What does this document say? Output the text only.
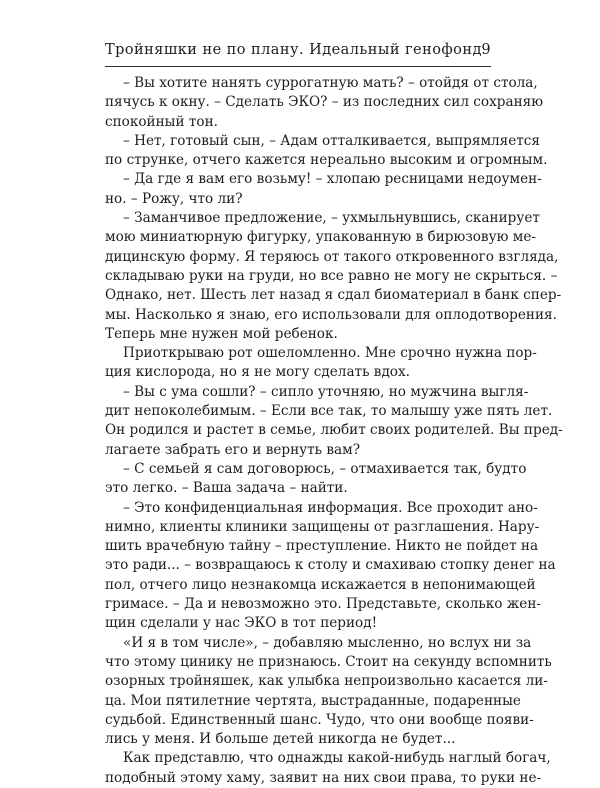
Тройняшки не по плану. Идеальный генофонд 9
– Вы хотите нанять суррогатную мать? – отойдя от стола,
пячусь к окну. – Сделать ЭКО? – из последних сил сохраняю
спокойный тон.
– Нет, готовый сын, – Адам отталкивается, выпрямляется
по струнке, отчего кажется нереально высоким и огромным.
– Да где я вам его возьму! – хлопаю ресницами недоумен-
но. – Рожу, что ли?
– Заманчивое предложение, – ухмыльнувшись, сканирует
мою миниатюрную фигурку, упакованную в бирюзовую ме-
дицинскую форму. Я теряюсь от такого откровенного взгляда,
складываю руки на груди, но все равно не могу не скрыться. –
Однако, нет. Шесть лет назад я сдал биоматериал в банк спер-
мы. Насколько я знаю, его использовали для оплодотворения.
Теперь мне нужен мой ребенок.
Приоткрываю рот ошеломленно. Мне срочно нужна пор-
ция кислорода, но я не могу сделать вдох.
– Вы с ума сошли? – сипло уточняю, но мужчина выгля-
дит непоколебимым. – Если все так, то малышу уже пять лет.
Он родился и растет в семье, любит своих родителей. Вы пред-
лагаете забрать его и вернуть вам?
– С семьей я сам договорюсь, – отмахивается так, будто
это легко. – Ваша задача – найти.
– Это конфиденциальная информация. Все проходит ано-
нимно, клиенты клиники защищены от разглашения. Нару-
шить врачебную тайну – преступление. Никто не пойдет на
это ради... – возвращаюсь к столу и смахиваю стопку денег на
пол, отчего лицо незнакомца искажается в непонимающей
гримасе. – Да и невозможно это. Представьте, сколько жен-
щин сделали у нас ЭКО в тот период!
«И я в том числе», – добавляю мысленно, но вслух ни за
что этому цинику не признаюсь. Стоит на секунду вспомнить
озорных тройняшек, как улыбка непроизвольно касается ли-
ца. Мои пятилетние чертята, выстраданные, подаренные
судьбой. Единственный шанс. Чудо, что они вообще появи-
лись у меня. И больше детей никогда не будет...
Как представлю, что однажды какой-нибудь наглый богач,
подобный этому хаму, заявит на них свои права, то руки не-
